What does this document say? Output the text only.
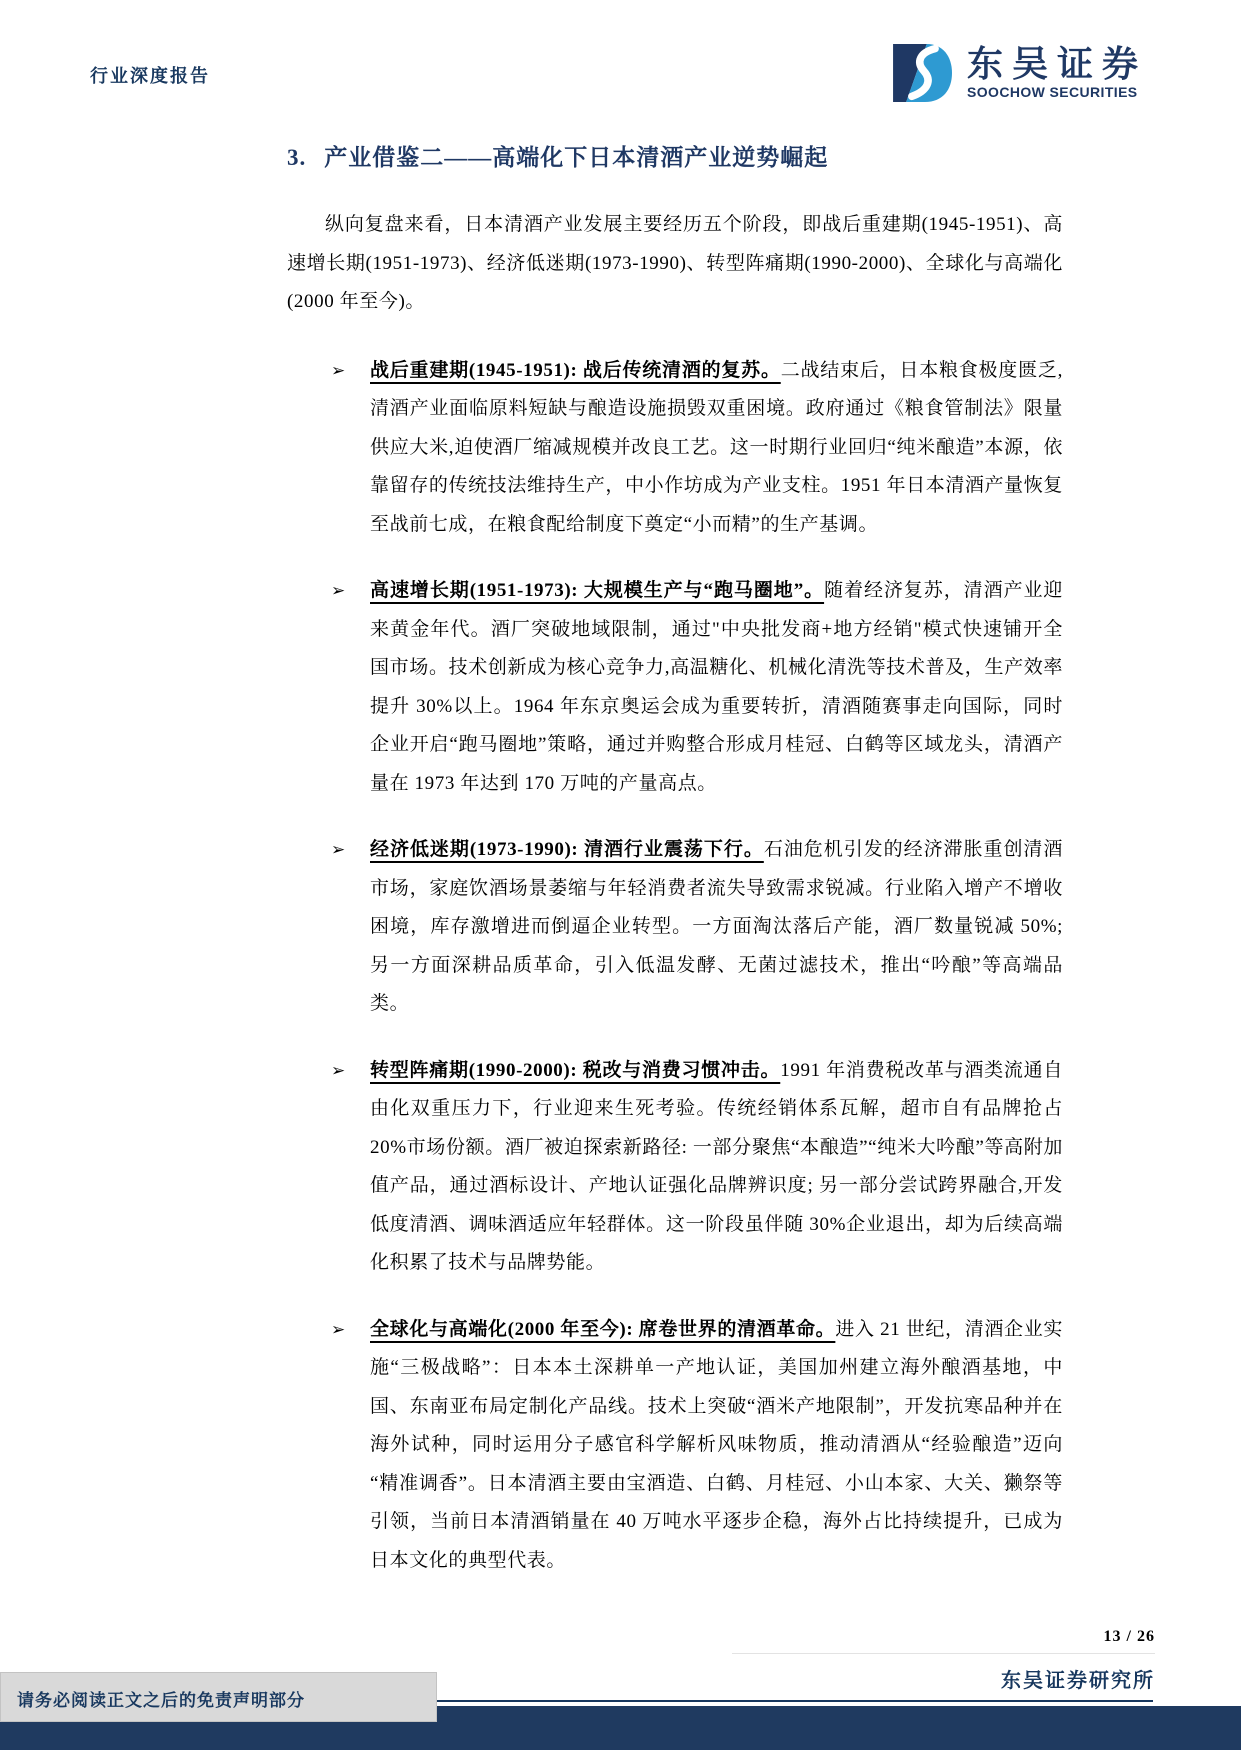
行业深度报告	东吴证券
SOOCHOW SECURITIES
3. 产业借鉴二——高端化下日本清酒产业逆势崛起

纵向复盘来看，日本清酒产业发展主要经历五个阶段，即战后重建期(1945-1951)、高速增长期(1951-1973)、经济低迷期(1973-1990)、转型阵痛期(1990-2000)、全球化与高端化(2000 年至今)。

➢ 战后重建期(1945-1951): 战后传统清酒的复苏。二战结束后，日本粮食极度匮乏,清酒产业面临原料短缺与酿造设施损毁双重困境。政府通过《粮食管制法》限量供应大米,迫使酒厂缩减规模并改良工艺。这一时期行业回归“纯米酿造”本源，依靠留存的传统技法维持生产，中小作坊成为产业支柱。1951 年日本清酒产量恢复至战前七成，在粮食配给制度下奠定“小而精”的生产基调。
➢ 高速增长期(1951-1973): 大规模生产与“跑马圈地”。随着经济复苏，清酒产业迎来黄金年代。酒厂突破地域限制，通过"中央批发商+地方经销"模式快速铺开全国市场。技术创新成为核心竞争力,高温糖化、机械化清洗等技术普及，生产效率提升 30%以上。1964 年东京奥运会成为重要转折，清酒随赛事走向国际，同时企业开启“跑马圈地”策略，通过并购整合形成月桂冠、白鹤等区域龙头，清酒产量在 1973 年达到 170 万吨的产量高点。
➢ 经济低迷期(1973-1990): 清酒行业震荡下行。石油危机引发的经济滞胀重创清酒市场，家庭饮酒场景萎缩与年轻消费者流失导致需求锐减。行业陷入增产不增收困境，库存激增进而倒逼企业转型。一方面淘汰落后产能，酒厂数量锐减 50%; 另一方面深耕品质革命，引入低温发酵、无菌过滤技术，推出“吟酿”等高端品类。
➢ 转型阵痛期(1990-2000): 税改与消费习惯冲击。1991 年消费税改革与酒类流通自由化双重压力下，行业迎来生死考验。传统经销体系瓦解，超市自有品牌抢占 20%市场份额。酒厂被迫探索新路径: 一部分聚焦“本酿造”“纯米大吟酿”等高附加值产品，通过酒标设计、产地认证强化品牌辨识度; 另一部分尝试跨界融合,开发低度清酒、调味酒适应年轻群体。这一阶段虽伴随 30%企业退出，却为后续高端化积累了技术与品牌势能。
➢ 全球化与高端化(2000 年至今): 席卷世界的清酒革命。进入 21 世纪，清酒企业实施“三极战略”：日本本土深耕单一产地认证，美国加州建立海外酿酒基地，中国、东南亚布局定制化产品线。技术上突破“酒米产地限制”，开发抗寒品种并在海外试种，同时运用分子感官科学解析风味物质，推动清酒从“经验酿造”迈向“精准调香”。日本清酒主要由宝酒造、白鹤、月桂冠、小山本家、大关、獭祭等引领，当前日本清酒销量在 40 万吨水平逐步企稳，海外占比持续提升，已成为日本文化的典型代表。
13 / 26
东吴证券研究所
请务必阅读正文之后的免责声明部分
